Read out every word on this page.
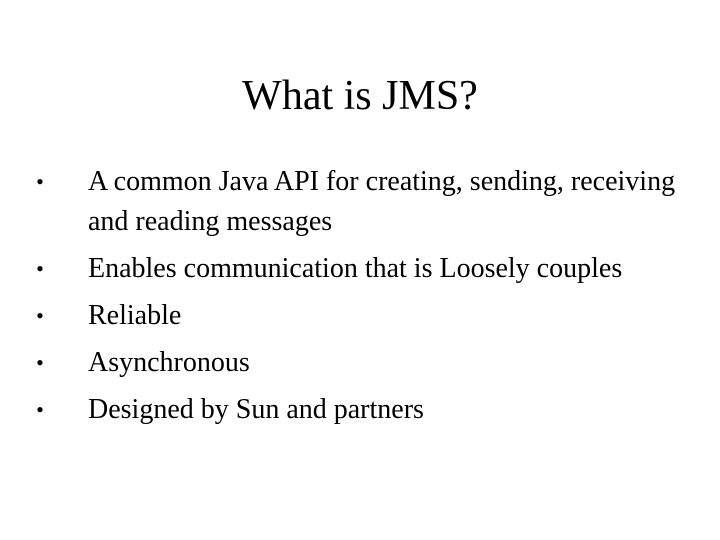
What is JMS?
• A common Java API for creating, sending, receiving and reading messages
• Enables communication that is Loosely couples
• Reliable
• Asynchronous
• Designed by Sun and partners
